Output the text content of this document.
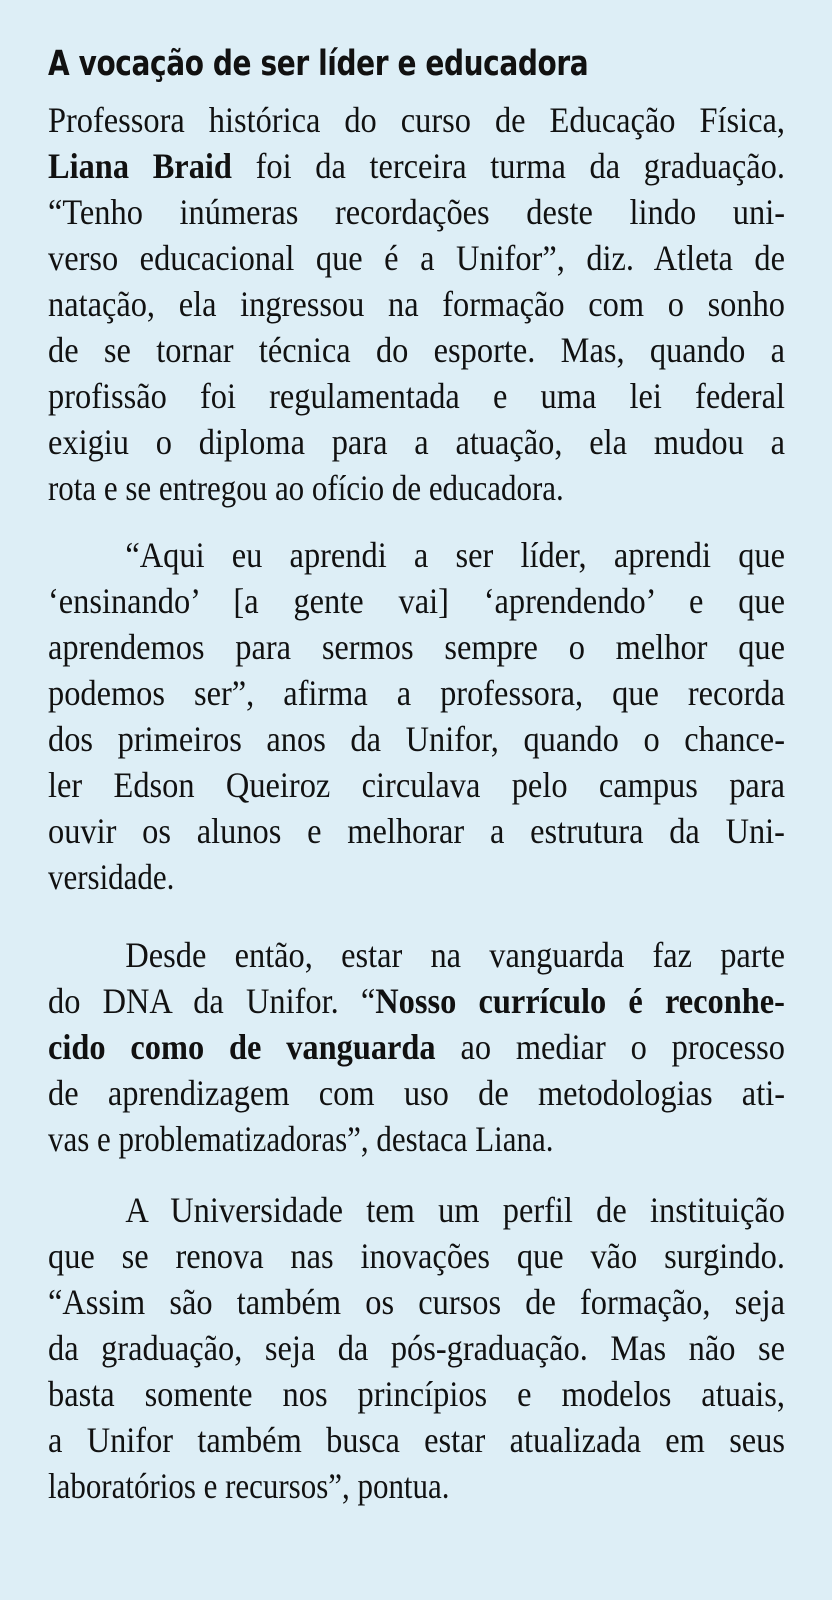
A vocação de ser líder e educadora
Professora histórica do curso de Educação Física,
Liana Braid foi da terceira turma da graduação.
“Tenho inúmeras recordações deste lindo uni-
verso educacional que é a Unifor”, diz. Atleta de
natação, ela ingressou na formação com o sonho
de se tornar técnica do esporte. Mas, quando a
profissão foi regulamentada e uma lei federal
exigiu o diploma para a atuação, ela mudou a
rota e se entregou ao ofício de educadora.
“Aqui eu aprendi a ser líder, aprendi que
‘ensinando’ [a gente vai] ‘aprendendo’ e que
aprendemos para sermos sempre o melhor que
podemos ser”, afirma a professora, que recorda
dos primeiros anos da Unifor, quando o chance-
ler Edson Queiroz circulava pelo campus para
ouvir os alunos e melhorar a estrutura da Uni-
versidade.
Desde então, estar na vanguarda faz parte
do DNA da Unifor. “Nosso currículo é reconhe-
cido como de vanguarda ao mediar o processo
de aprendizagem com uso de metodologias ati-
vas e problematizadoras”, destaca Liana.
A Universidade tem um perfil de instituição
que se renova nas inovações que vão surgindo.
“Assim são também os cursos de formação, seja
da graduação, seja da pós-graduação. Mas não se
basta somente nos princípios e modelos atuais,
a Unifor também busca estar atualizada em seus
laboratórios e recursos”, pontua.
